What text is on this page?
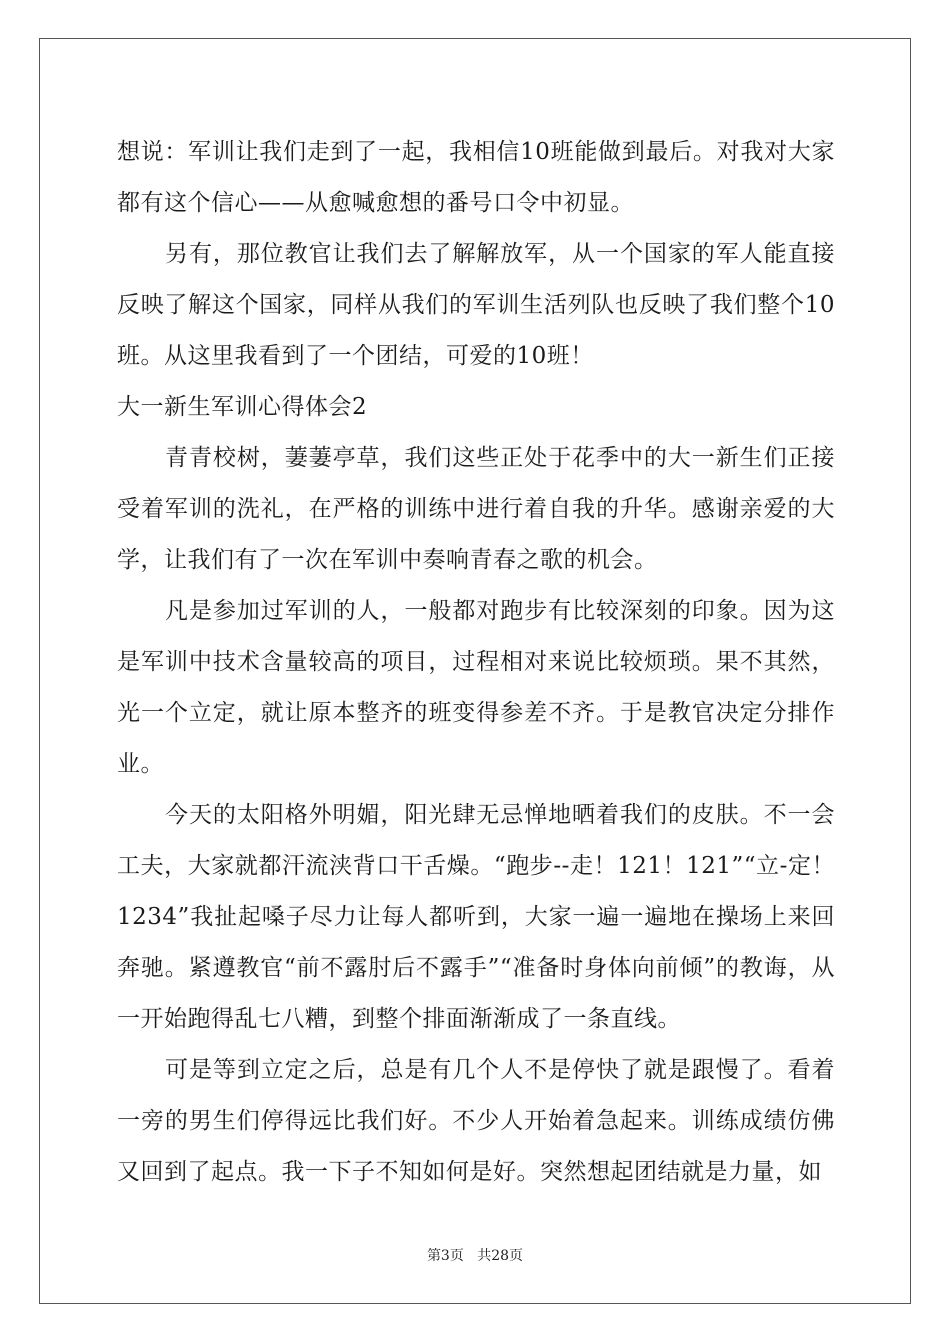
想说：军训让我们走到了一起，我相信10班能做到最后。对我对大家都有这个信心——从愈喊愈想的番号口令中初显。

另有，那位教官让我们去了解解放军，从一个国家的军人能直接反映了解这个国家，同样从我们的军训生活列队也反映了我们整个10班。从这里我看到了一个团结，可爱的10班！

大一新生军训心得体会2

青青校树，萋萋亭草，我们这些正处于花季中的大一新生们正接受着军训的洗礼，在严格的训练中进行着自我的升华。感谢亲爱的大学，让我们有了一次在军训中奏响青春之歌的机会。

凡是参加过军训的人，一般都对跑步有比较深刻的印象。因为这是军训中技术含量较高的项目，过程相对来说比较烦琐。果不其然，光一个立定，就让原本整齐的班变得参差不齐。于是教官决定分排作业。

今天的太阳格外明媚，阳光肆无忌惮地晒着我们的皮肤。不一会工夫，大家就都汗流浃背口干舌燥。“跑步--走！121！121”“立-定！1234”我扯起嗓子尽力让每人都听到，大家一遍一遍地在操场上来回奔驰。紧遵教官“前不露肘后不露手”“准备时身体向前倾”的教诲，从一开始跑得乱七八糟，到整个排面渐渐成了一条直线。

可是等到立定之后，总是有几个人不是停快了就是跟慢了。看着一旁的男生们停得远比我们好。不少人开始着急起来。训练成绩仿佛又回到了起点。我一下子不知如何是好。突然想起团结就是力量，如

第3页 共28页
